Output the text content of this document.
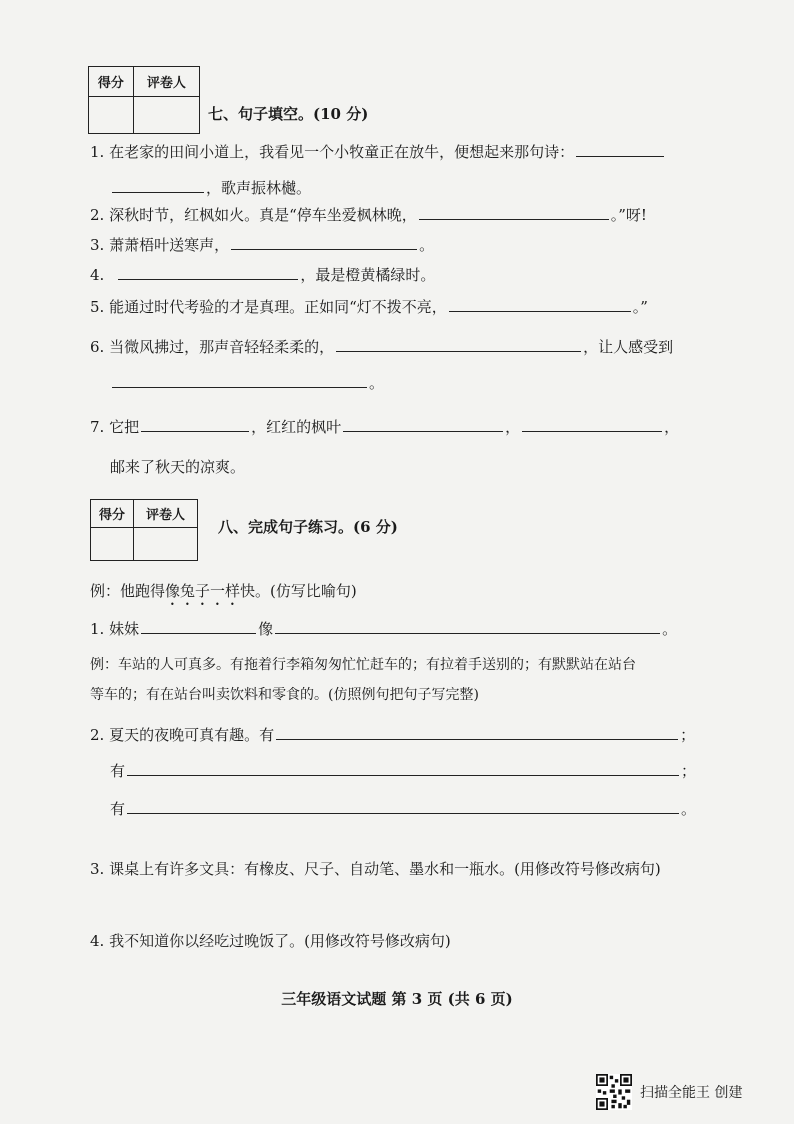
得分	评卷人

七、句子填空。(10 分)
1. 在老家的田间小道上，我看见一个小牧童正在放牛，便想起来那句诗：
，歌声振林樾。
2. 深秋时节，红枫如火。真是“停车坐爱枫林晚，	。”呀!
3. 萧萧梧叶送寒声，	。
4.	，最是橙黄橘绿时。
5. 能通过时代考验的才是真理。正如同“灯不拨不亮，	。”
6. 当微风拂过，那声音轻轻柔柔的，	，让人感受到
。
7. 它把	，红红的枫叶	，	，
邮来了秋天的凉爽。
得分	评卷人

八、完成句子练习。(6 分)
例：他跑得像兔子一样快。(仿写比喻句)
1. 妹妹	像	。
例：车站的人可真多。有拖着行李箱匆匆忙忙赶车的；有拉着手送别的；有默默站在站台
等车的；有在站台叫卖饮料和零食的。(仿照例句把句子写完整)
2. 夏天的夜晚可真有趣。有	；
有	；
有	。
3. 课桌上有许多文具：有橡皮、尺子、自动笔、墨水和一瓶水。(用修改符号修改病句)
4. 我不知道你以经吃过晚饭了。(用修改符号修改病句)
三年级语文试题 第 3 页 (共 6 页)
扫描全能王 创建
